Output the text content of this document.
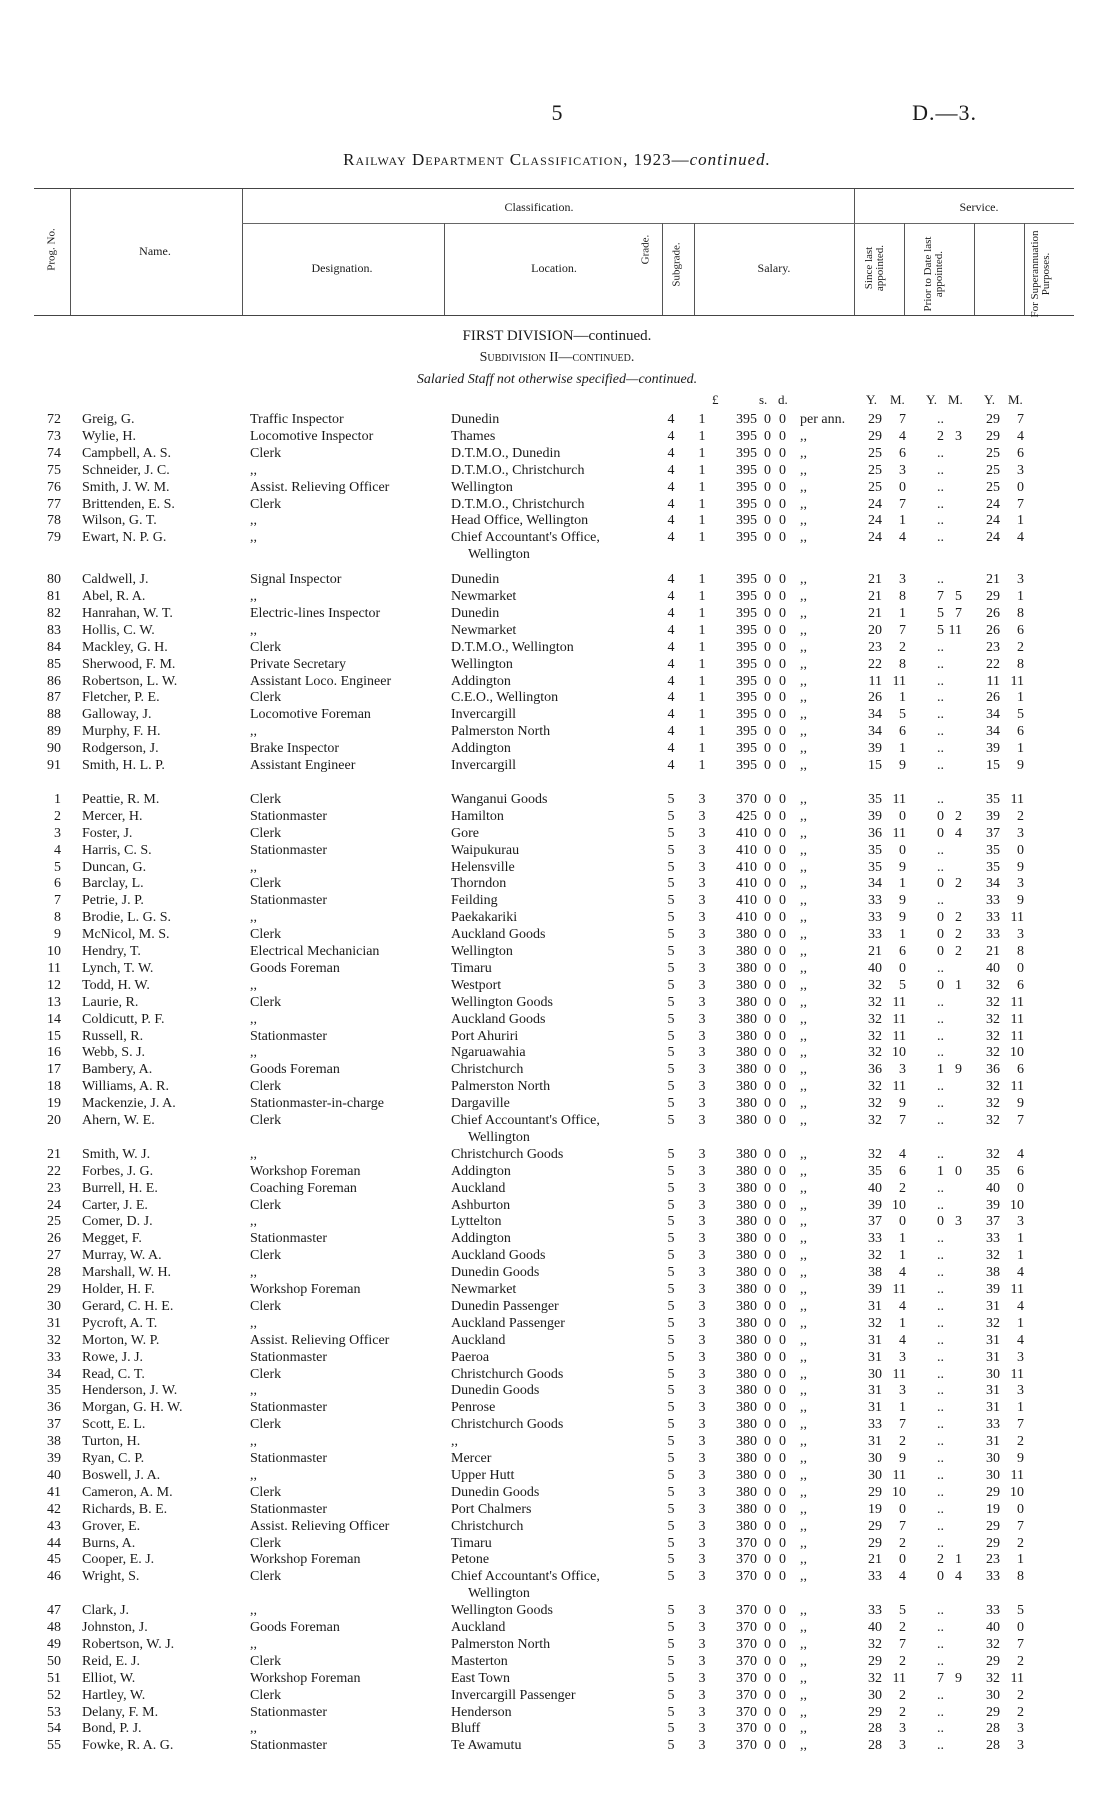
5	D.—3.
Railway Department Classification, 1923—continued.
Classification.	Service.
Name.
Designation.	Location.	Salary.
Prog. No.	Grade. Subgrade.	Since last appointed.	Prior to Date last appointed.	For Superannuation Purposes.
FIRST DIVISION—continued.
Subdivision II—continued.
Salaried Staff not otherwise specified—continued.
£	s. d.	Y. M. Y. M. Y. M.
72 Greig, G.	Traffic Inspector	Dunedin	4 1	395 0 0 per ann.	29	7	..	29	7
73 Wylie, H.	Locomotive Inspector	Thames	4 1	395 0 0 ,,	29	4	2 3	29	4
74 Campbell, A. S.	Clerk	D.T.M.O., Dunedin	4 1	395 0 0 ,,	25	6	..	25	6
75 Schneider, J. C.	,,	D.T.M.O., Christchurch	4 1	395 0 0 ,,	25	3	..	25	3
76 Smith, J. W. M.	Assist. Relieving Officer	Wellington	4 1	395 0 0 ,,	25	0	..	25	0
77 Brittenden, E. S.	Clerk	D.T.M.O., Christchurch	4 1	395 0 0 ,,	24	7	..	24	7
78 Wilson, G. T.	,,	Head Office, Wellington	4 1	395 0 0 ,,	24	1	..	24	1
79 Ewart, N. P. G.	,,	Chief Accountant's Office,	4 1	395 0 0 ,,	24	4	..	24	4
Wellington
80 Caldwell, J.	Signal Inspector	Dunedin	4 1	395 0 0 ,,	21	3	..	21	3
81 Abel, R. A.	,,	Newmarket	4 1	395 0 0 ,,	21	8	7 5	29	1
82 Hanrahan, W. T.	Electric-lines Inspector	Dunedin	4 1	395 0 0 ,,	21	1	5 7	26	8
83 Hollis, C. W.	,,	Newmarket	4 1	395 0 0 ,,	20	7	5 11	26	6
84 Mackley, G. H.	Clerk	D.T.M.O., Wellington	4 1	395 0 0 ,,	23	2	..	23	2
85 Sherwood, F. M.	Private Secretary	Wellington	4 1	395 0 0 ,,	22	8	..	22	8
86 Robertson, L. W.	Assistant Loco. Engineer	Addington	4 1	395 0 0 ,,	11 11	..	11 11
87 Fletcher, P. E.	Clerk	C.E.O., Wellington	4 1	395 0 0 ,,	26	1	..	26	1
88 Galloway, J.	Locomotive Foreman	Invercargill	4 1	395 0 0 ,,	34	5	..	34	5
89 Murphy, F. H.	,,	Palmerston North	4 1	395 0 0 ,,	34	6	..	34	6
90 Rodgerson, J.	Brake Inspector	Addington	4 1	395 0 0 ,,	39	1	..	39	1
91 Smith, H. L. P.	Assistant Engineer	Invercargill	4 1	395 0 0 ,,	15	9	..	15	9
1 Peattie, R. M.	Clerk	Wanganui Goods	5 3	370 0 0 ,,	35 11	..	35 11
2 Mercer, H.	Stationmaster	Hamilton	5 3	425 0 0 ,,	39	0	0 2	39	2
3 Foster, J.	Clerk	Gore	5 3	410 0 0 ,,	36 11	0 4	37	3
4 Harris, C. S.	Stationmaster	Waipukurau	5 3	410 0 0 ,,	35	0	..	35	0
5 Duncan, G.	,,	Helensville	5 3	410 0 0 ,,	35	9	..	35	9
6 Barclay, L.	Clerk	Thorndon	5 3	410 0 0 ,,	34	1	0 2	34	3
7 Petrie, J. P.	Stationmaster	Feilding	5 3	410 0 0 ,,	33	9	..	33	9
8 Brodie, L. G. S.	,,	Paekakariki	5 3	410 0 0 ,,	33	9	0 2	33 11
9 McNicol, M. S.	Clerk	Auckland Goods	5 3	380 0 0 ,,	33	1	0 2	33	3
10 Hendry, T.	Electrical Mechanician	Wellington	5 3	380 0 0 ,,	21	6	0 2	21	8
11 Lynch, T. W.	Goods Foreman	Timaru	5 3	380 0 0 ,,	40	0	..	40	0
12 Todd, H. W.	,,	Westport	5 3	380 0 0 ,,	32	5	0 1	32	6
13 Laurie, R.	Clerk	Wellington Goods	5 3	380 0 0 ,,	32 11	..	32 11
14 Coldicutt, P. F.	,,	Auckland Goods	5 3	380 0 0 ,,	32 11	..	32 11
15 Russell, R.	Stationmaster	Port Ahuriri	5 3	380 0 0 ,,	32 11	..	32 11
16 Webb, S. J.	,,	Ngaruawahia	5 3	380 0 0 ,,	32 10	..	32 10
17 Bambery, A.	Goods Foreman	Christchurch	5 3	380 0 0 ,,	36	3	1 9	36	6
18 Williams, A. R.	Clerk	Palmerston North	5 3	380 0 0 ,,	32 11	..	32 11
19 Mackenzie, J. A.	Stationmaster-in-charge	Dargaville	5 3	380 0 0 ,,	32	9	..	32	9
20 Ahern, W. E.	Clerk	Chief Accountant's Office,	5 3	380 0 0 ,,	32	7	..	32	7
Wellington
21 Smith, W. J.	,,	Christchurch Goods	5 3	380 0 0 ,,	32	4	..	32	4
22 Forbes, J. G.	Workshop Foreman	Addington	5 3	380 0 0 ,,	35	6	1 0	35	6
23 Burrell, H. E.	Coaching Foreman	Auckland	5 3	380 0 0 ,,	40	2	..	40	0
24 Carter, J. E.	Clerk	Ashburton	5 3	380 0 0 ,,	39 10	..	39 10
25 Comer, D. J.	,,	Lyttelton	5 3	380 0 0 ,,	37	0	0 3	37	3
26 Megget, F.	Stationmaster	Addington	5 3	380 0 0 ,,	33	1	..	33	1
27 Murray, W. A.	Clerk	Auckland Goods	5 3	380 0 0 ,,	32	1	..	32	1
28 Marshall, W. H.	,,	Dunedin Goods	5 3	380 0 0 ,,	38	4	..	38	4
29 Holder, H. F.	Workshop Foreman	Newmarket	5 3	380 0 0 ,,	39 11	..	39 11
30 Gerard, C. H. E.	Clerk	Dunedin Passenger	5 3	380 0 0 ,,	31	4	..	31	4
31 Pycroft, A. T.	,,	Auckland Passenger	5 3	380 0 0 ,,	32	1	..	32	1
32 Morton, W. P.	Assist. Relieving Officer	Auckland	5 3	380 0 0 ,,	31	4	..	31	4
33 Rowe, J. J.	Stationmaster	Paeroa	5 3	380 0 0 ,,	31	3	..	31	3
34 Read, C. T.	Clerk	Christchurch Goods	5 3	380 0 0 ,,	30 11	..	30 11
35 Henderson, J. W.	,,	Dunedin Goods	5 3	380 0 0 ,,	31	3	..	31	3
36 Morgan, G. H. W.	Stationmaster	Penrose	5 3	380 0 0 ,,	31	1	..	31	1
37 Scott, E. L.	Clerk	Christchurch Goods	5 3	380 0 0 ,,	33	7	..	33	7
38 Turton, H.	,,	,,	5 3	380 0 0 ,,	31	2	..	31	2
39 Ryan, C. P.	Stationmaster	Mercer	5 3	380 0 0 ,,	30	9	..	30	9
40 Boswell, J. A.	,,	Upper Hutt	5 3	380 0 0 ,,	30 11	..	30 11
41 Cameron, A. M.	Clerk	Dunedin Goods	5 3	380 0 0 ,,	29 10	..	29 10
42 Richards, B. E.	Stationmaster	Port Chalmers	5 3	380 0 0 ,,	19	0	..	19	0
43 Grover, E.	Assist. Relieving Officer	Christchurch	5 3	380 0 0 ,,	29	7	..	29	7
44 Burns, A.	Clerk	Timaru	5 3	370 0 0 ,,	29	2	..	29	2
45 Cooper, E. J.	Workshop Foreman	Petone	5 3	370 0 0 ,,	21	0	2 1	23	1
46 Wright, S.	Clerk	Chief Accountant's Office,	5 3	370 0 0 ,,	33	4	0 4	33	8
Wellington
47 Clark, J.	,,	Wellington Goods	5 3	370 0 0 ,,	33	5	..	33	5
48 Johnston, J.	Goods Foreman	Auckland	5 3	370 0 0 ,,	40	2	..	40	0
49 Robertson, W. J.	,,	Palmerston North	5 3	370 0 0 ,,	32	7	..	32	7
50 Reid, E. J.	Clerk	Masterton	5 3	370 0 0 ,,	29	2	..	29	2
51 Elliot, W.	Workshop Foreman	East Town	5 3	370 0 0 ,,	32 11	7 9	32 11
52 Hartley, W.	Clerk	Invercargill Passenger	5 3	370 0 0 ,,	30	2	..	30	2
53 Delany, F. M.	Stationmaster	Henderson	5 3	370 0 0 ,,	29	2	..	29	2
54 Bond, P. J.	,,	Bluff	5 3	370 0 0 ,,	28	3	..	28	3
55 Fowke, R. A. G.	Stationmaster	Te Awamutu	5 3	370 0 0 ,,	28	3	..	28	3
